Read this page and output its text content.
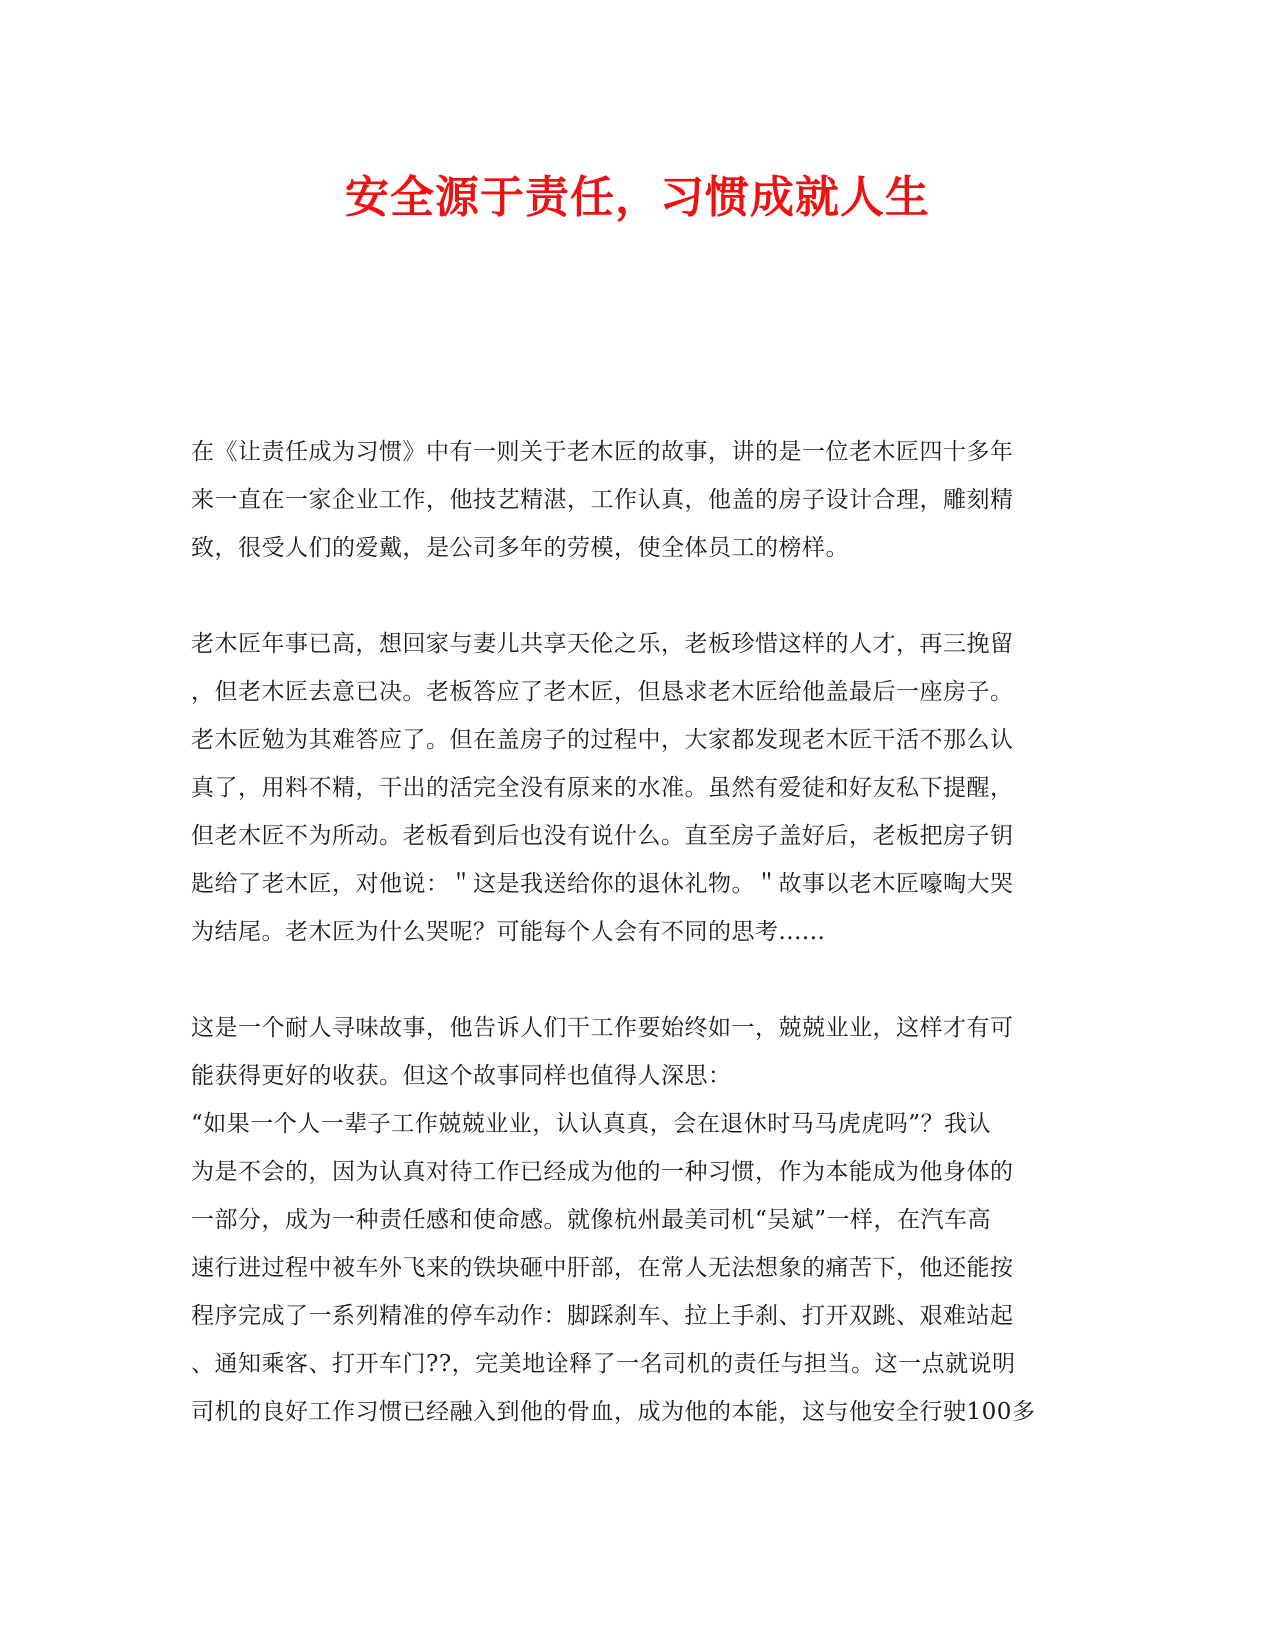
安全源于责任，习惯成就人生
在《让责任成为习惯》中有一则关于老木匠的故事，讲的是一位老木匠四十多年
来一直在一家企业工作，他技艺精湛，工作认真，他盖的房子设计合理，雕刻精
致，很受人们的爱戴，是公司多年的劳模，使全体员工的榜样。
老木匠年事已高，想回家与妻儿共享天伦之乐，老板珍惜这样的人才，再三挽留
，但老木匠去意已决。老板答应了老木匠，但恳求老木匠给他盖最后一座房子。
老木匠勉为其难答应了。但在盖房子的过程中，大家都发现老木匠干活不那么认
真了，用料不精，干出的活完全没有原来的水准。虽然有爱徒和好友私下提醒，
但老木匠不为所动。老板看到后也没有说什么。直至房子盖好后，老板把房子钥
匙给了老木匠，对他说：＂这是我送给你的退休礼物。＂故事以老木匠嚎啕大哭
为结尾。老木匠为什么哭呢？可能每个人会有不同的思考......
这是一个耐人寻味故事，他告诉人们干工作要始终如一，兢兢业业，这样才有可
能获得更好的收获。但这个故事同样也值得人深思：
“如果一个人一辈子工作兢兢业业，认认真真，会在退休时马马虎虎吗”？我认
为是不会的，因为认真对待工作已经成为他的一种习惯，作为本能成为他身体的
一部分，成为一种责任感和使命感。就像杭州最美司机“吴斌”一样，在汽车高
速行进过程中被车外飞来的铁块砸中肝部，在常人无法想象的痛苦下，他还能按
程序完成了一系列精准的停车动作：脚踩刹车、拉上手刹、打开双跳、艰难站起
、通知乘客、打开车门??，完美地诠释了一名司机的责任与担当。这一点就说明
司机的良好工作习惯已经融入到他的骨血，成为他的本能，这与他安全行驶100多
